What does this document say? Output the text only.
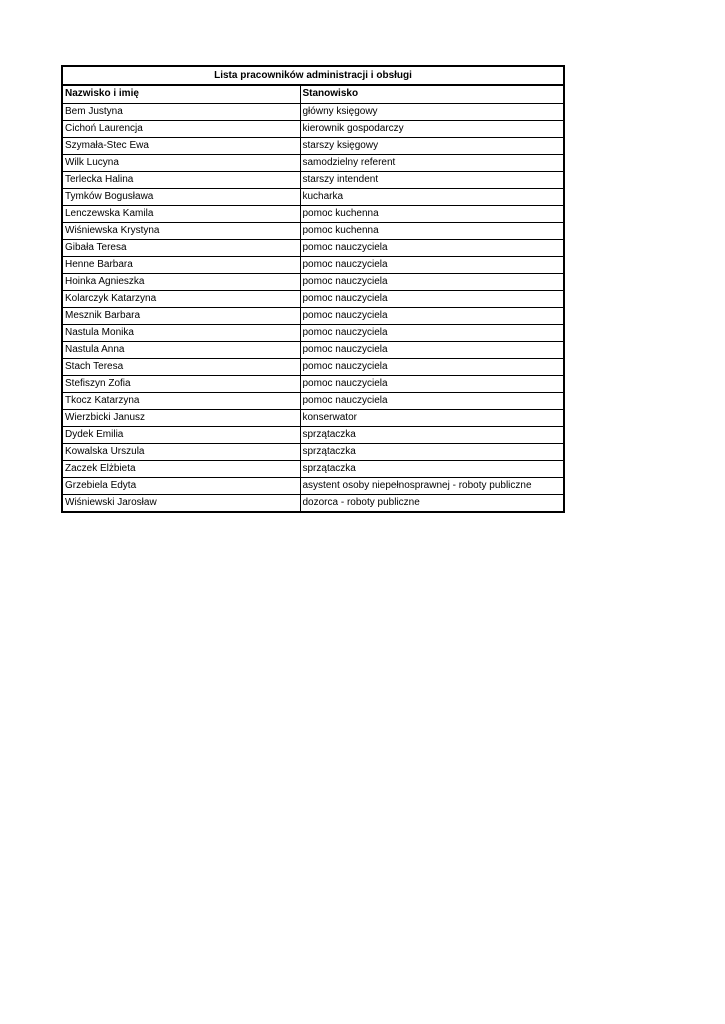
Lista pracowników administracji i obsługi	
Nazwisko i imię	Stanowisko
Bem Justyna	główny księgowy
Cichoń Laurencja	kierownik gospodarczy
Szymała-Stec Ewa	starszy księgowy
Wilk Lucyna	samodzielny referent
Terlecka Halina	starszy intendent
Tymków Bogusława	kucharka
Lenczewska Kamila	pomoc kuchenna
Wiśniewska Krystyna	pomoc kuchenna
Gibała Teresa	pomoc nauczyciela
Henne Barbara	pomoc nauczyciela
Hoinka Agnieszka	pomoc nauczyciela
Kolarczyk Katarzyna	pomoc nauczyciela
Mesznik Barbara	pomoc nauczyciela
Nastula Monika	pomoc nauczyciela
Nastula Anna	pomoc nauczyciela
Stach Teresa	pomoc nauczyciela
Stefiszyn Zofia	pomoc nauczyciela
Tkocz Katarzyna	pomoc nauczyciela
Wierzbicki Janusz	konserwator
Dydek Emilia	sprzątaczka
Kowalska Urszula	sprzątaczka
Zaczek Elżbieta	sprzątaczka
Grzebiela Edyta	asystent osoby niepełnosprawnej - roboty publiczne
Wiśniewski Jarosław	dozorca - roboty publiczne
